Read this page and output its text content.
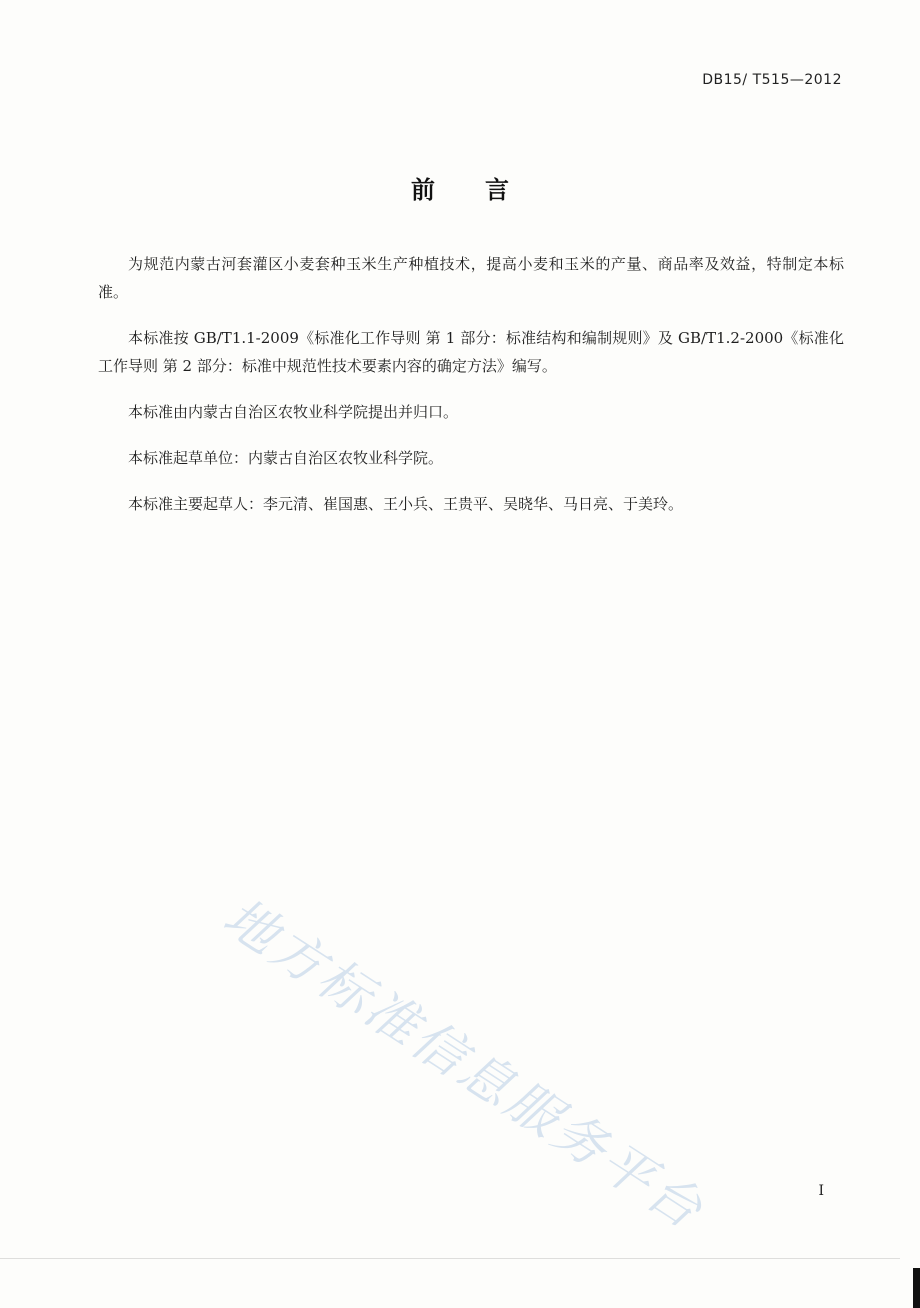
DB15/ T515—2012
前言

为规范内蒙古河套灌区小麦套种玉米生产种植技术，提高小麦和玉米的产量、商品率及效益，特制定本标准。

本标准按 GB/T1.1-2009《标准化工作导则 第 1 部分：标准结构和编制规则》及 GB/T1.2-2000《标准化工作导则 第 2 部分：标准中规范性技术要素内容的确定方法》编写。

本标准由内蒙古自治区农牧业科学院提出并归口。

本标准起草单位：内蒙古自治区农牧业科学院。

本标准主要起草人：李元清、崔国惠、王小兵、王贵平、吴晓华、马日亮、于美玲。

地方标准信息服务平台	I
